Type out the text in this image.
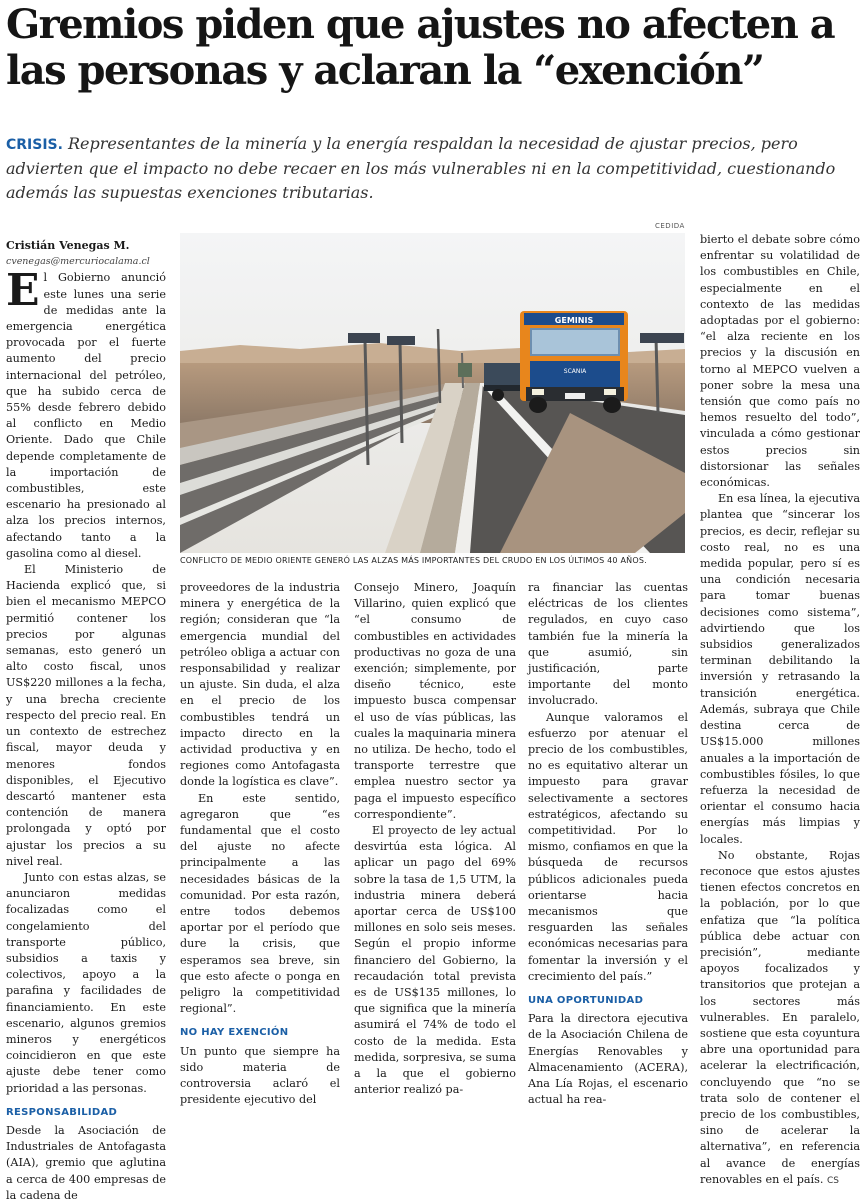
Gremios piden que ajustes no afecten a las personas y aclaran la “exención”

CRISIS. Representantes de la minería y la energía respaldan la necesidad de ajustar precios, pero advierten que el impacto no debe recaer en los más vulnerables ni en la competitividad, cuestionando además las supuestas exenciones tributarias.

CEDIDA
GEMINIS
SCANIA
CONFLICTO DE MEDIO ORIENTE GENERÓ LAS ALZAS MÁS IMPORTANTES DEL CRUDO EN LOS ÚLTIMOS 40 AÑOS.

Cristián Venegas M.

cvenegas@mercuriocalama.cl

El Gobierno anunció este lunes una serie de medidas ante la emergencia energética provocada por el fuerte aumento del precio internacional del petróleo, que ha subido cerca de 55% desde febrero debido al conflicto en Medio Oriente. Dado que Chile depende completamente de la importación de combustibles, este escenario ha presionado al alza los precios internos, afectando tanto a la gasolina como al diesel.

El Ministerio de Hacienda explicó que, si bien el mecanismo MEPCO permitió contener los precios por algunas semanas, esto generó un alto costo fiscal, unos US$220 millones a la fecha, y una brecha creciente respecto del precio real. En un contexto de estrechez fiscal, mayor deuda y menores fondos disponibles, el Ejecutivo descartó mantener esta contención de manera prolongada y optó por ajustar los precios a su nivel real.

Junto con estas alzas, se anunciaron medidas focalizadas como el congelamiento del transporte público, subsidios a taxis y colectivos, apoyo a la parafina y facilidades de financiamiento. En este escenario, algunos gremios mineros y energéticos coincidieron en que este ajuste debe tener como prioridad a las personas.

RESPONSABILIDAD

Desde la Asociación de Industriales de Antofagasta (AIA), gremio que aglutina a cerca de 400 empresas de la cadena de

proveedores de la industria minera y energética de la región; consideran que “la emergencia mundial del petróleo obliga a actuar con responsabilidad y realizar un ajuste. Sin duda, el alza en el precio de los combustibles tendrá un impacto directo en la actividad productiva y en regiones como Antofagasta donde la logística es clave”.

En este sentido, agregaron que “es fundamental que el costo del ajuste no afecte principalmente a las necesidades básicas de la comunidad. Por esta razón, entre todos debemos aportar por el período que dure la crisis, que esperamos sea breve, sin que esto afecte o ponga en peligro la competitividad regional”.

NO HAY EXENCIÓN

Un punto que siempre ha sido materia de controversia aclaró el presidente ejecutivo del

Consejo Minero, Joaquín Villarino, quien explicó que “el consumo de combustibles en actividades productivas no goza de una exención; simplemente, por diseño técnico, este impuesto busca compensar el uso de vías públicas, las cuales la maquinaria minera no utiliza. De hecho, todo el transporte terrestre que emplea nuestro sector ya paga el impuesto específico correspondiente”.

El proyecto de ley actual desvirtúa esta lógica. Al aplicar un pago del 69% sobre la tasa de 1,5 UTM, la industria minera deberá aportar cerca de US$100 millones en solo seis meses. Según el propio informe financiero del Gobierno, la recaudación total prevista es de US$135 millones, lo que significa que la minería asumirá el 74% de todo el costo de la medida. Esta medida, sorpresiva, se suma a la que el gobierno anterior realizó pa-

ra financiar las cuentas eléctricas de los clientes regulados, en cuyo caso también fue la minería la que asumió, sin justificación, parte importante del monto involucrado.

Aunque valoramos el esfuerzo por atenuar el precio de los combustibles, no es equitativo alterar un impuesto para gravar selectivamente a sectores estratégicos, afectando su competitividad. Por lo mismo, confiamos en que la búsqueda de recursos públicos adicionales pueda orientarse hacia mecanismos que resguarden las señales económicas necesarias para fomentar la inversión y el crecimiento del país.”

UNA OPORTUNIDAD

Para la directora ejecutiva de la Asociación Chilena de Energías Renovables y Almacenamiento (ACERA), Ana Lía Rojas, el escenario actual ha rea-

bierto el debate sobre cómo enfrentar su volatilidad de los combustibles en Chile, especialmente en el contexto de las medidas adoptadas por el gobierno: “el alza reciente en los precios y la discusión en torno al MEPCO vuelven a poner sobre la mesa una tensión que como país no hemos resuelto del todo”, vinculada a cómo gestionar estos precios sin distorsionar las señales económicas.

En esa línea, la ejecutiva plantea que “sincerar los precios, es decir, reflejar su costo real, no es una medida popular, pero sí es una condición necesaria para tomar buenas decisiones como sistema”, advirtiendo que los subsidios generalizados terminan debilitando la inversión y retrasando la transición energética. Además, subraya que Chile destina cerca de US$15.000 millones anuales a la importación de combustibles fósiles, lo que refuerza la necesidad de orientar el consumo hacia energías más limpias y locales.

No obstante, Rojas reconoce que estos ajustes tienen efectos concretos en la población, por lo que enfatiza que “la política pública debe actuar con precisión”, mediante apoyos focalizados y transitorios que protejan a los sectores más vulnerables. En paralelo, sostiene que esta coyuntura abre una oportunidad para acelerar la electrificación, concluyendo que “no se trata solo de contener el precio de los combustibles, sino de acelerar la alternativa”, en referencia al avance de energías renovables en el país. CS
